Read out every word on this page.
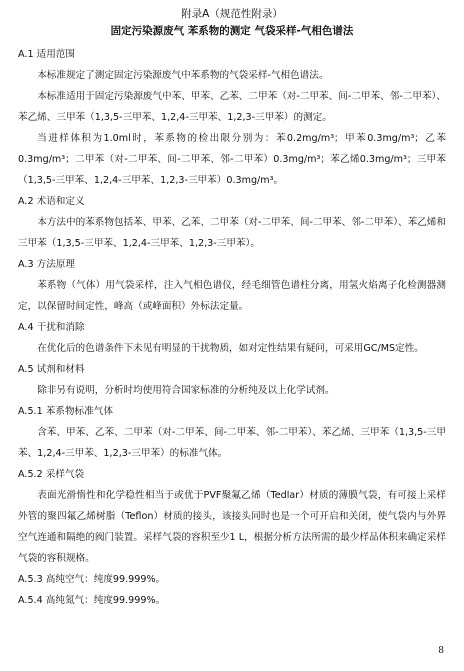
附录A（规范性附录）
固定污染源废气 苯系物的测定 气袋采样-气相色谱法
A.1 适用范围

本标准规定了测定固定污染源废气中苯系物的气袋采样-气相色谱法。

本标准适用于固定污染源废气中苯、甲苯、乙苯、二甲苯（对-二甲苯、间-二甲苯、邻-二甲苯）、苯乙烯、三甲苯（1,3,5-三甲苯、1,2,4-三甲苯、1,2,3-三甲苯）的测定。

当进样体积为1.0ml时，苯系物的检出限分别为：苯0.2mg/m³；甲苯0.3mg/m³；乙苯0.3mg/m³；二甲苯（对-二甲苯、间-二甲苯、邻-二甲苯）0.3mg/m³；苯乙烯0.3mg/m³；三甲苯（1,3,5-三甲苯、1,2,4-三甲苯、1,2,3-三甲苯）0.3mg/m³。

A.2 术语和定义

本方法中的苯系物包括苯、甲苯、乙苯、二甲苯（对-二甲苯、间-二甲苯、邻-二甲苯）、苯乙烯和三甲苯（1,3,5-三甲苯、1,2,4-三甲苯、1,2,3-三甲苯）。

A.3 方法原理

苯系物（气体）用气袋采样，注入气相色谱仪，经毛细管色谱柱分离，用氢火焰离子化检测器测定，以保留时间定性，峰高（或峰面积）外标法定量。

A.4 干扰和消除

在优化后的色谱条件下未见有明显的干扰物质，如对定性结果有疑问，可采用GC/MS定性。

A.5 试剂和材料

除非另有说明，分析时均使用符合国家标准的分析纯及以上化学试剂。

A.5.1 苯系物标准气体

含苯、甲苯、乙苯、二甲苯（对-二甲苯、间-二甲苯、邻-二甲苯）、苯乙烯、三甲苯（1,3,5-三甲苯、1,2,4-三甲苯、1,2,3-三甲苯）的标准气体。

A.5.2 采样气袋

表面光滑惰性和化学稳性相当于或优于PVF聚氟乙烯（Tedlar）材质的薄膜气袋，有可接上采样外管的聚四氟乙烯树脂（Teflon）材质的接头，该接头同时也是一个可开启和关闭，使气袋内与外界空气连通和隔绝的阀门装置。采样气袋的容积至少1 L，根据分析方法所需的最少样品体积来确定采样气袋的容积规格。

A.5.3 高纯空气：纯度99.999%。
A.5.4 高纯氮气：纯度99.999%。
8
